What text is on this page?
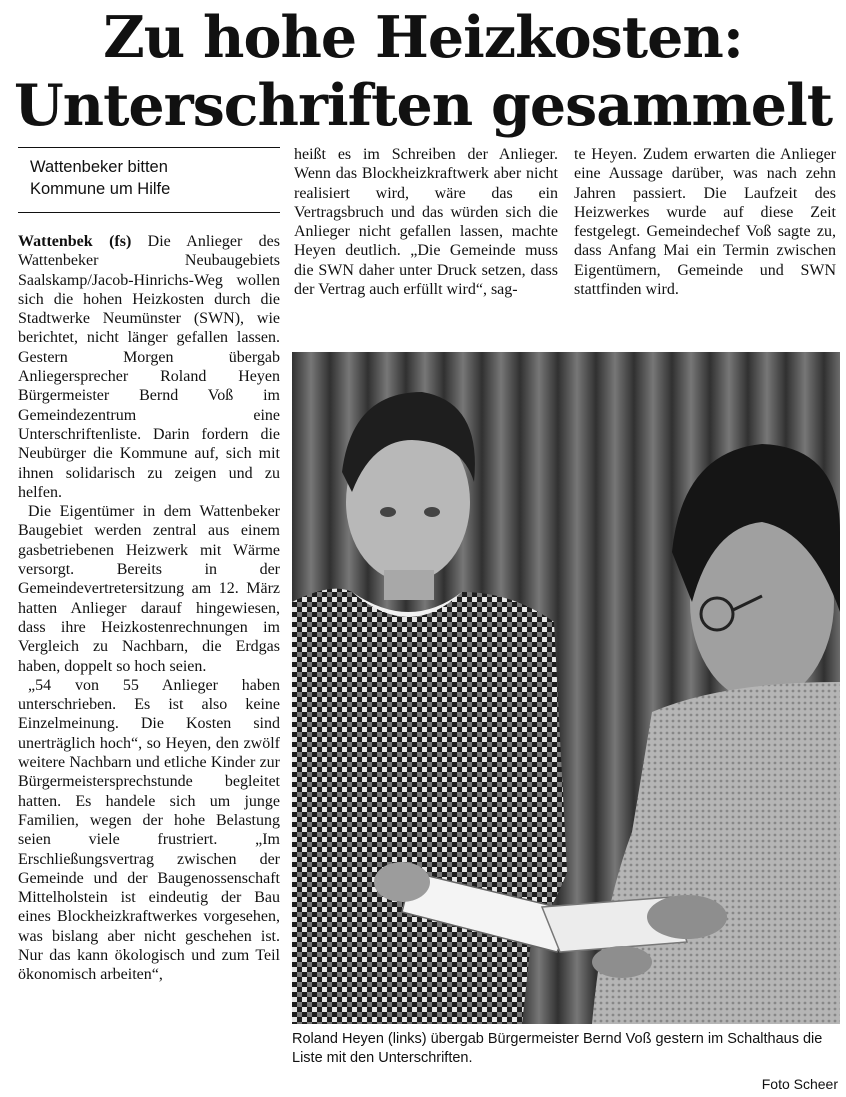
Zu hohe Heizkosten:
Unterschriften gesammelt
Wattenbeker bitten
Kommune um Hilfe

Wattenbek (fs) Die Anlieger des Wattenbeker Neubaugebiets Saalskamp/Jacob-Hinrichs-Weg wollen sich die hohen Heizkosten durch die Stadtwerke Neumünster (SWN), wie berichtet, nicht länger gefallen lassen. Gestern Morgen übergab Anliegersprecher Roland Heyen Bürgermeister Bernd Voß im Gemeindezentrum eine Unterschriftenliste. Darin fordern die Neubürger die Kommune auf, sich mit ihnen solidarisch zu zeigen und zu helfen.

Die Eigentümer in dem Wattenbeker Baugebiet werden zentral aus einem gasbetriebenen Heizwerk mit Wärme versorgt. Bereits in der Gemeindevertretersitzung am 12. März hatten Anlieger darauf hingewiesen, dass ihre Heizkostenrechnungen im Vergleich zu Nachbarn, die Erdgas haben, doppelt so hoch seien.

„54 von 55 Anlieger haben unterschrieben. Es ist also keine Einzelmeinung. Die Kosten sind unerträglich hoch“, so Heyen, den zwölf weitere Nachbarn und etliche Kinder zur Bürgermeistersprechstunde begleitet hatten. Es handele sich um junge Familien, wegen der hohe Belastung seien viele frustriert. „Im Erschließungsvertrag zwischen der Gemeinde und der Baugenossenschaft Mittelholstein ist eindeutig der Bau eines Blockheizkraftwerkes vorgesehen, was bislang aber nicht geschehen ist. Nur das kann ökologisch und zum Teil ökonomisch arbeiten“,

heißt es im Schreiben der Anlieger. Wenn das Blockheizkraftwerk aber nicht realisiert wird, wäre das ein Vertragsbruch und das würden sich die Anlieger nicht gefallen lassen, machte Heyen deutlich. „Die Gemeinde muss die SWN daher unter Druck setzen, dass der Vertrag auch erfüllt wird“, sag-

te Heyen. Zudem erwarten die Anlieger eine Aussage darüber, was nach zehn Jahren passiert. Die Laufzeit des Heizwerkes wurde auf diese Zeit festgelegt. Gemeindechef Voß sagte zu, dass Anfang Mai ein Termin zwischen Eigentümern, Gemeinde und SWN stattfinden wird.

Roland Heyen (links) übergab Bürgermeister Bernd Voß gestern im Schalthaus die Liste mit den Unterschriften.
Foto Scheer
